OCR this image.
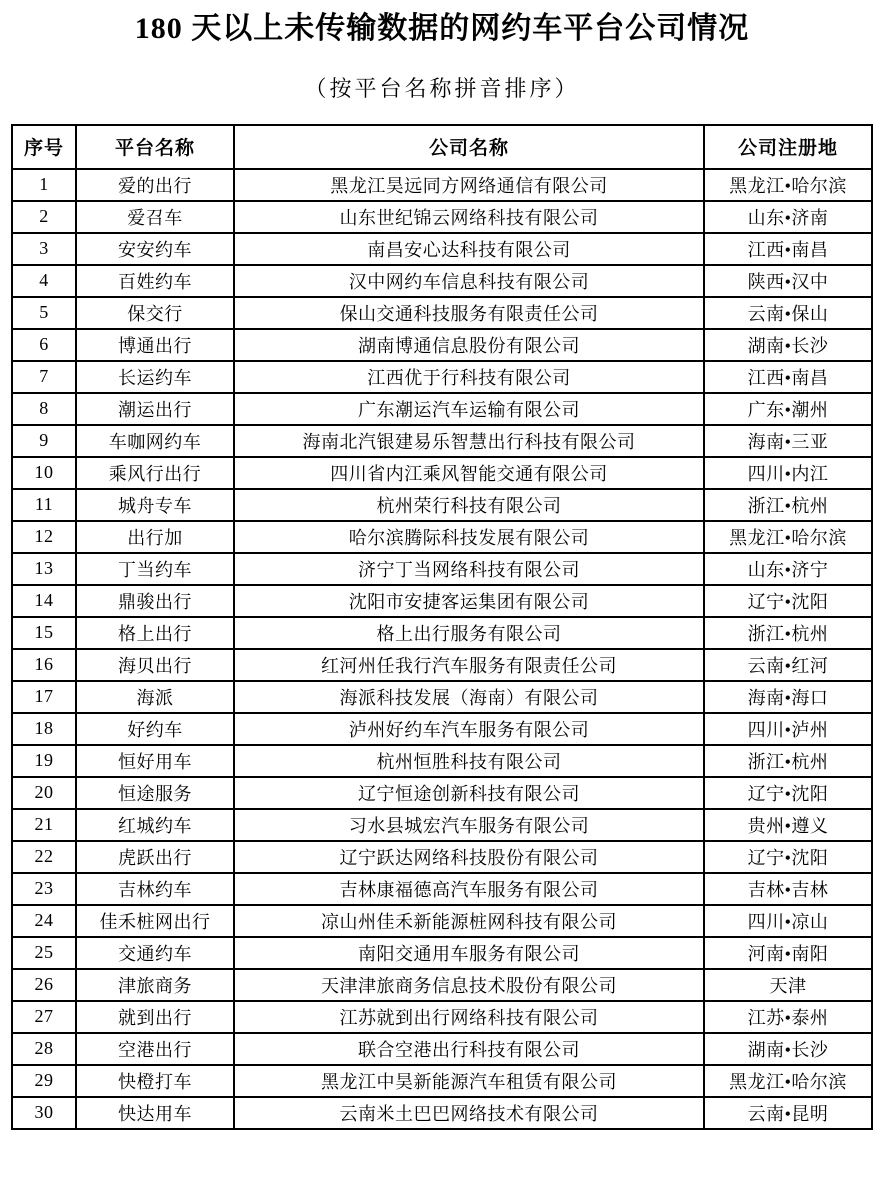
180 天以上未传输数据的网约车平台公司情况
（按平台名称拼音排序）
序号	平台名称	公司名称	公司注册地
1	爱的出行	黑龙江昊远同方网络通信有限公司	黑龙江•哈尔滨
2	爱召车	山东世纪锦云网络科技有限公司	山东•济南
3	安安约车	南昌安心达科技有限公司	江西•南昌
4	百姓约车	汉中网约车信息科技有限公司	陕西•汉中
5	保交行	保山交通科技服务有限责任公司	云南•保山
6	博通出行	湖南博通信息股份有限公司	湖南•长沙
7	长运约车	江西优于行科技有限公司	江西•南昌
8	潮运出行	广东潮运汽车运输有限公司	广东•潮州
9	车咖网约车	海南北汽银建易乐智慧出行科技有限公司	海南•三亚
10	乘风行出行	四川省内江乘风智能交通有限公司	四川•内江
11	城舟专车	杭州荣行科技有限公司	浙江•杭州
12	出行加	哈尔滨腾际科技发展有限公司	黑龙江•哈尔滨
13	丁当约车	济宁丁当网络科技有限公司	山东•济宁
14	鼎骏出行	沈阳市安捷客运集团有限公司	辽宁•沈阳
15	格上出行	格上出行服务有限公司	浙江•杭州
16	海贝出行	红河州任我行汽车服务有限责任公司	云南•红河
17	海派	海派科技发展（海南）有限公司	海南•海口
18	好约车	泸州好约车汽车服务有限公司	四川•泸州
19	恒好用车	杭州恒胜科技有限公司	浙江•杭州
20	恒途服务	辽宁恒途创新科技有限公司	辽宁•沈阳
21	红城约车	习水县城宏汽车服务有限公司	贵州•遵义
22	虎跃出行	辽宁跃达网络科技股份有限公司	辽宁•沈阳
23	吉林约车	吉林康福德高汽车服务有限公司	吉林•吉林
24	佳禾桩网出行	凉山州佳禾新能源桩网科技有限公司	四川•凉山
25	交通约车	南阳交通用车服务有限公司	河南•南阳
26	津旅商务	天津津旅商务信息技术股份有限公司	天津
27	就到出行	江苏就到出行网络科技有限公司	江苏•泰州
28	空港出行	联合空港出行科技有限公司	湖南•长沙
29	快橙打车	黑龙江中昊新能源汽车租赁有限公司	黑龙江•哈尔滨
30	快达用车	云南米土巴巴网络技术有限公司	云南•昆明
